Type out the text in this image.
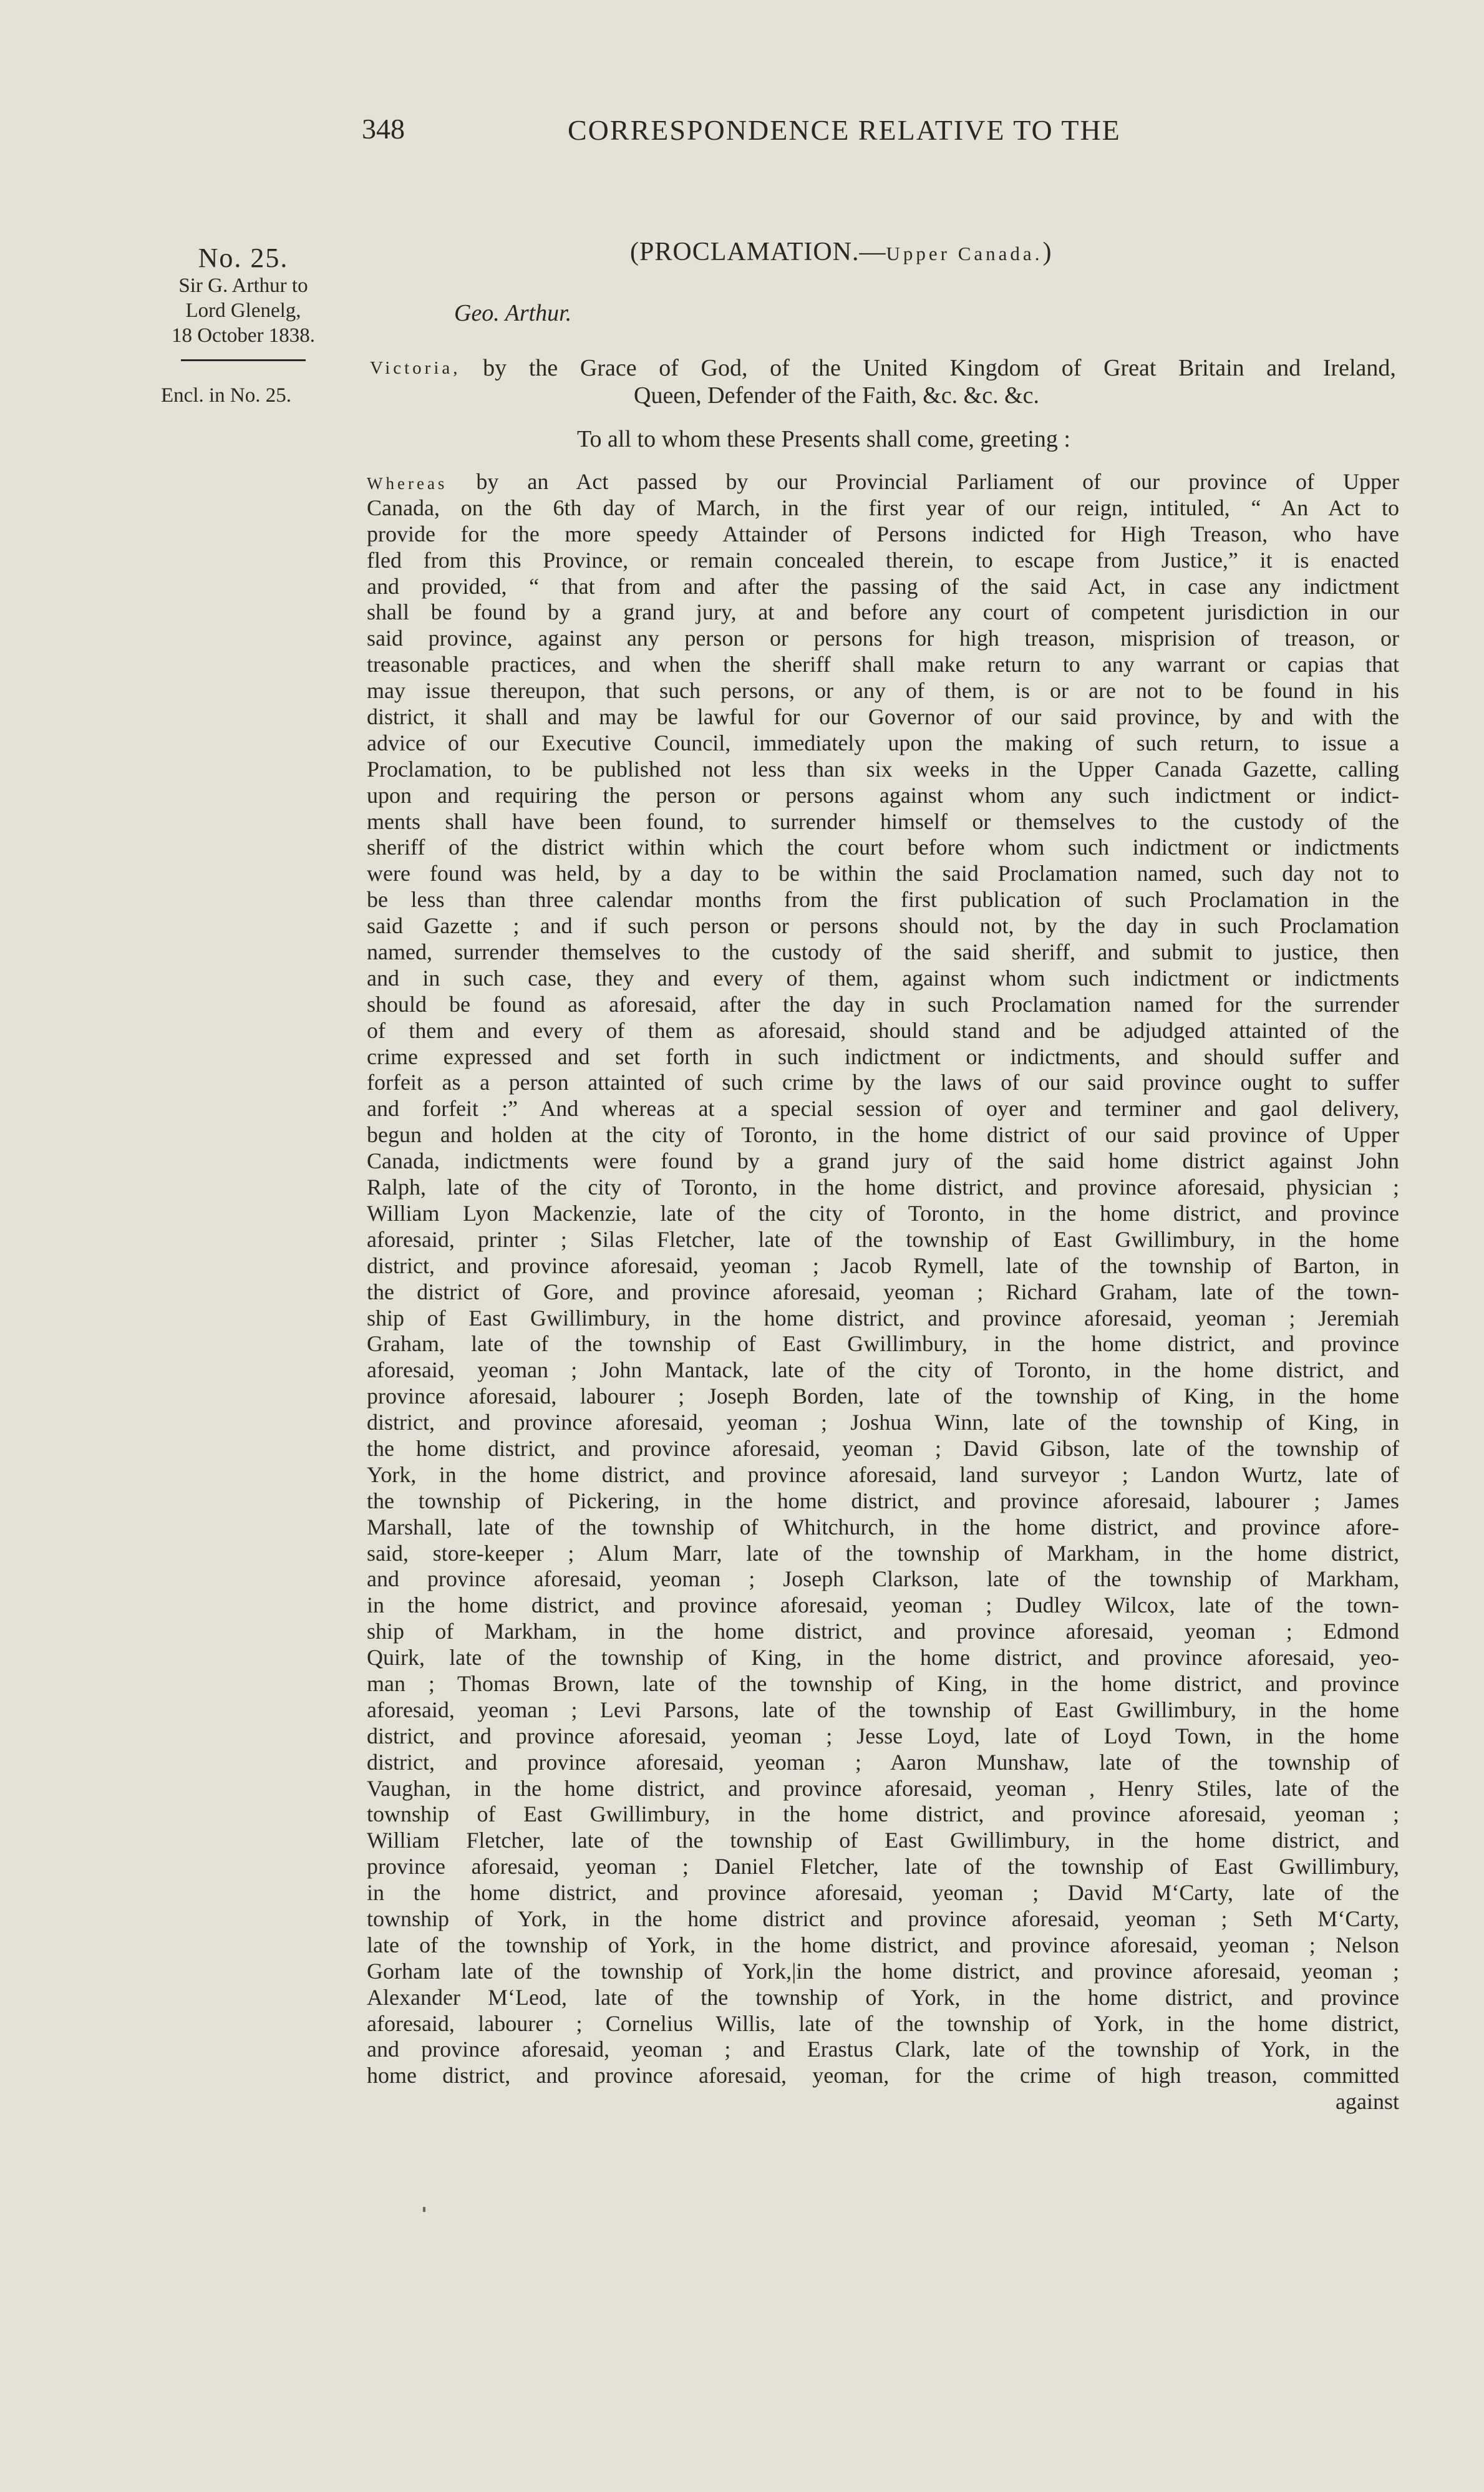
348	CORRESPONDENCE RELATIVE TO THE

No. 25.

Sir G. Arthur to

Lord Glenelg,

18 October 1838.

Encl. in No. 25.
(PROCLAMATION.—Upper Canada.)
Geo. Arthur.
Victoria, by the Grace of God, of the United Kingdom of Great Britain and Ireland,
Queen, Defender of the Faith, &c. &c. &c.
To all to whom these Presents shall come, greeting :
Whereas by an Act passed by our Provincial Parliament of our province of Upper
Canada, on the 6th day of March, in the first year of our reign, intituled, “ An Act to
provide for the more speedy Attainder of Persons indicted for High Treason, who have
fled from this Province, or remain concealed therein, to escape from Justice,” it is enacted
and provided, “ that from and after the passing of the said Act, in case any indictment
shall be found by a grand jury, at and before any court of competent jurisdiction in our
said province, against any person or persons for high treason, misprision of treason, or
treasonable practices, and when the sheriff shall make return to any warrant or capias that
may issue thereupon, that such persons, or any of them, is or are not to be found in his
district, it shall and may be lawful for our Governor of our said province, by and with the
advice of our Executive Council, immediately upon the making of such return, to issue a
Proclamation, to be published not less than six weeks in the Upper Canada Gazette, calling
upon and requiring the person or persons against whom any such indictment or indict-
ments shall have been found, to surrender himself or themselves to the custody of the
sheriff of the district within which the court before whom such indictment or indictments
were found was held, by a day to be within the said Proclamation named, such day not to
be less than three calendar months from the first publication of such Proclamation in the
said Gazette ; and if such person or persons should not, by the day in such Proclamation
named, surrender themselves to the custody of the said sheriff, and submit to justice, then
and in such case, they and every of them, against whom such indictment or indictments
should be found as aforesaid, after the day in such Proclamation named for the surrender
of them and every of them as aforesaid, should stand and be adjudged attainted of the
crime expressed and set forth in such indictment or indictments, and should suffer and
forfeit as a person attainted of such crime by the laws of our said province ought to suffer
and forfeit :” And whereas at a special session of oyer and terminer and gaol delivery,
begun and holden at the city of Toronto, in the home district of our said province of Upper
Canada, indictments were found by a grand jury of the said home district against John
Ralph, late of the city of Toronto, in the home district, and province aforesaid, physician ;
William Lyon Mackenzie, late of the city of Toronto, in the home district, and province
aforesaid, printer ; Silas Fletcher, late of the township of East Gwillimbury, in the home
district, and province aforesaid, yeoman ; Jacob Rymell, late of the township of Barton, in
the district of Gore, and province aforesaid, yeoman ; Richard Graham, late of the town-
ship of East Gwillimbury, in the home district, and province aforesaid, yeoman ; Jeremiah
Graham, late of the township of East Gwillimbury, in the home district, and province
aforesaid, yeoman ; John Mantack, late of the city of Toronto, in the home district, and
province aforesaid, labourer ; Joseph Borden, late of the township of King, in the home
district, and province aforesaid, yeoman ; Joshua Winn, late of the township of King, in
the home district, and province aforesaid, yeoman ; David Gibson, late of the township of
York, in the home district, and province aforesaid, land surveyor ; Landon Wurtz, late of
the township of Pickering, in the home district, and province aforesaid, labourer ; James
Marshall, late of the township of Whitchurch, in the home district, and province afore-
said, store-keeper ; Alum Marr, late of the township of Markham, in the home district,
and province aforesaid, yeoman ; Joseph Clarkson, late of the township of Markham,
in the home district, and province aforesaid, yeoman ; Dudley Wilcox, late of the town-
ship of Markham, in the home district, and province aforesaid, yeoman ; Edmond
Quirk, late of the township of King, in the home district, and province aforesaid, yeo-
man ; Thomas Brown, late of the township of King, in the home district, and province
aforesaid, yeoman ; Levi Parsons, late of the township of East Gwillimbury, in the home
district, and province aforesaid, yeoman ; Jesse Loyd, late of Loyd Town, in the home
district, and province aforesaid, yeoman ; Aaron Munshaw, late of the township of
Vaughan, in the home district, and province aforesaid, yeoman , Henry Stiles, late of the
township of East Gwillimbury, in the home district, and province aforesaid, yeoman ;
William Fletcher, late of the township of East Gwillimbury, in the home district, and
province aforesaid, yeoman ; Daniel Fletcher, late of the township of East Gwillimbury,
in the home district, and province aforesaid, yeoman ; David M‘Carty, late of the
township of York, in the home district and province aforesaid, yeoman ; Seth M‘Carty,
late of the township of York, in the home district, and province aforesaid, yeoman ; Nelson
Gorham late of the township of York,|in the home district, and province aforesaid, yeoman ;
Alexander M‘Leod, late of the township of York, in the home district, and province
aforesaid, labourer ; Cornelius Willis, late of the township of York, in the home district,
and province aforesaid, yeoman ; and Erastus Clark, late of the township of York, in the
home district, and province aforesaid, yeoman, for the crime of high treason, committed
against
